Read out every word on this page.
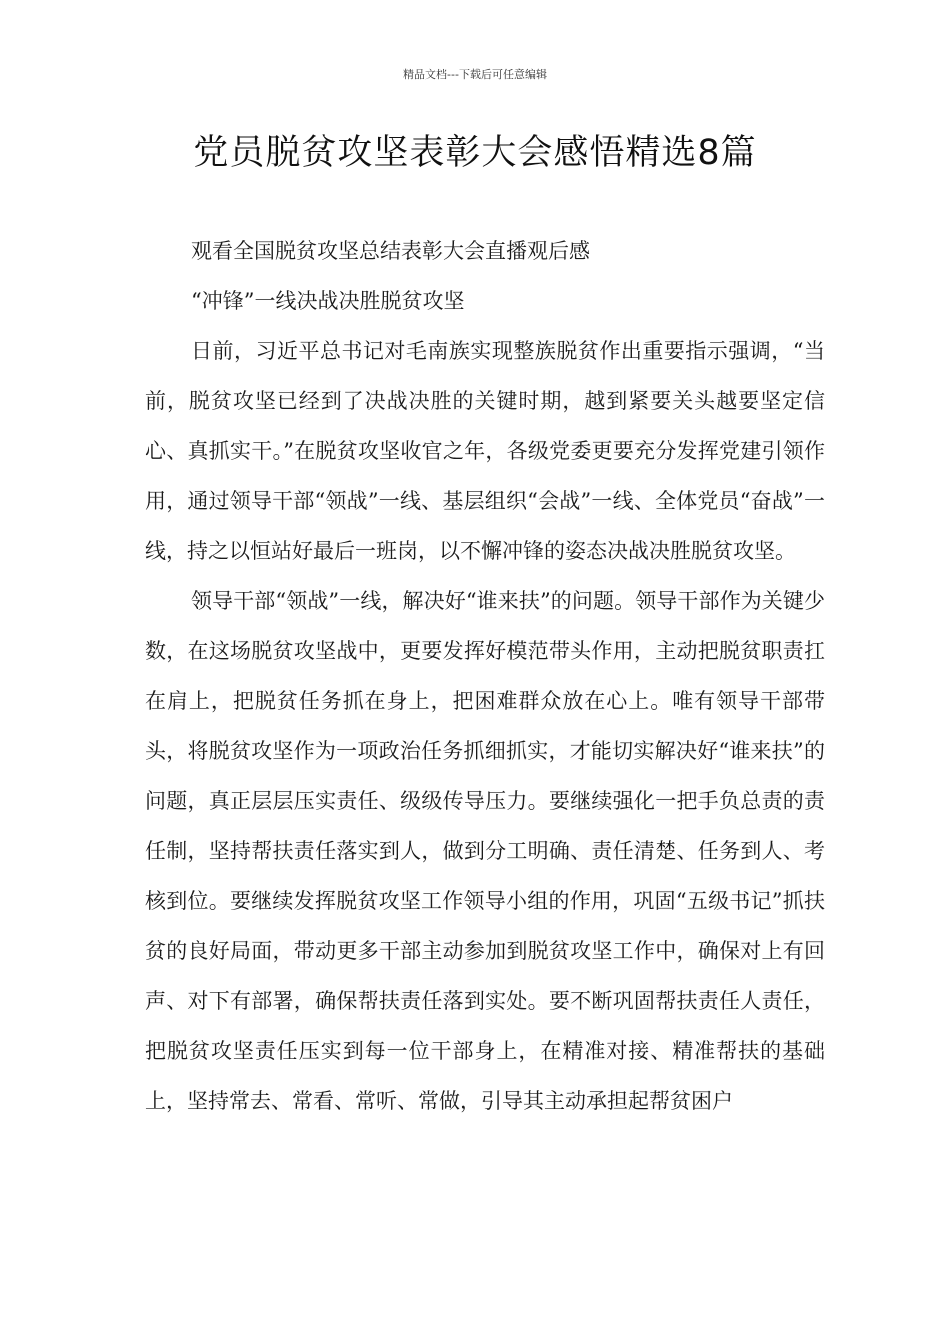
精品文档---下载后可任意编辑
党员脱贫攻坚表彰大会感悟精选8篇

观看全国脱贫攻坚总结表彰大会直播观后感

“冲锋”一线决战决胜脱贫攻坚

日前，习近平总书记对毛南族实现整族脱贫作出重要指示强调，“当前，脱贫攻坚已经到了决战决胜的关键时期，越到紧要关头越要坚定信心、真抓实干。”在脱贫攻坚收官之年，各级党委更要充分发挥党建引领作用，通过领导干部“领战”一线、基层组织“会战”一线、全体党员“奋战”一线，持之以恒站好最后一班岗，以不懈冲锋的姿态决战决胜脱贫攻坚。

领导干部“领战”一线，解决好“谁来扶”的问题。领导干部作为关键少数，在这场脱贫攻坚战中，更要发挥好模范带头作用，主动把脱贫职责扛在肩上，把脱贫任务抓在身上，把困难群众放在心上。唯有领导干部带头，将脱贫攻坚作为一项政治任务抓细抓实，才能切实解决好“谁来扶”的问题，真正层层压实责任、级级传导压力。要继续强化一把手负总责的责任制，坚持帮扶责任落实到人，做到分工明确、责任清楚、任务到人、考核到位。要继续发挥脱贫攻坚工作领导小组的作用，巩固“五级书记”抓扶贫的良好局面，带动更多干部主动参加到脱贫攻坚工作中，确保对上有回声、对下有部署，确保帮扶责任落到实处。要不断巩固帮扶责任人责任，把脱贫攻坚责任压实到每一位干部身上，在精准对接、精准帮扶的基础上，坚持常去、常看、常听、常做，引导其主动承担起帮贫困户
